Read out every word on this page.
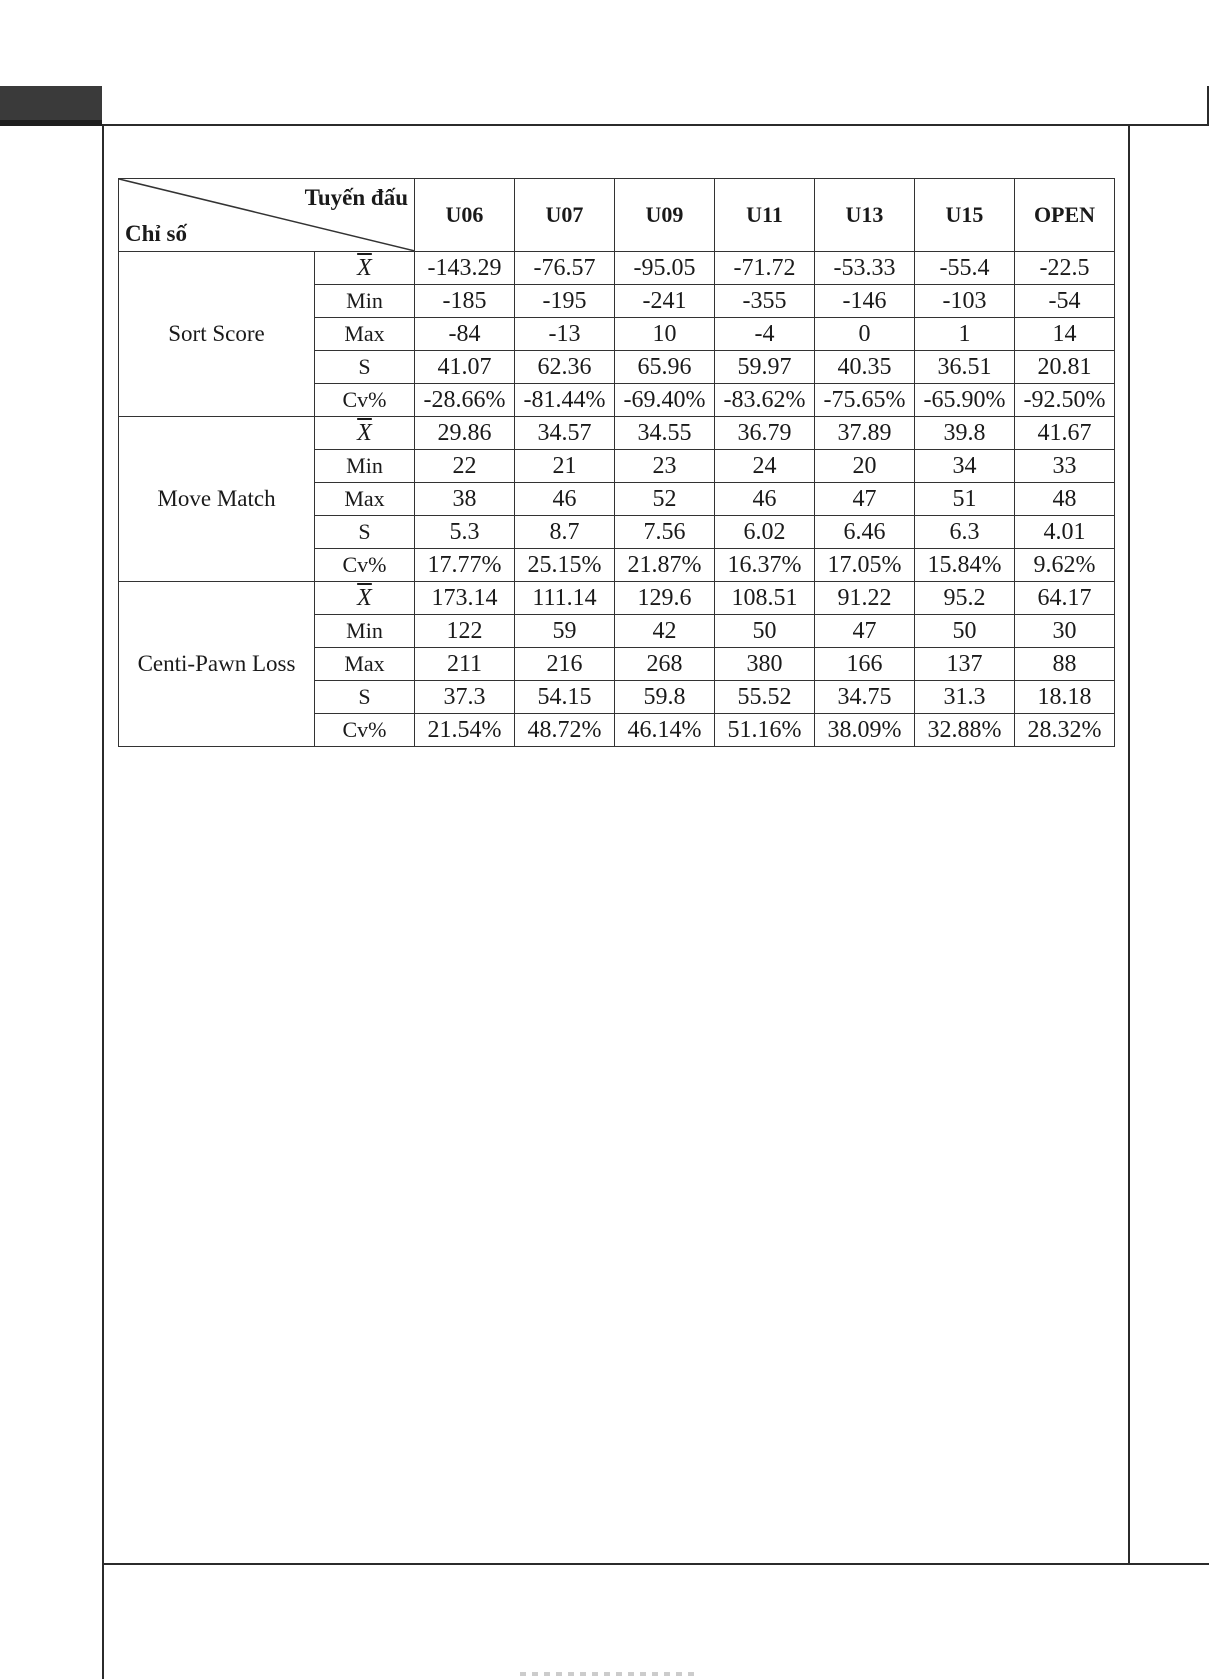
Tuyến đấu
Chỉ số		U06	U07	U09	U11	U13	U15	OPEN
Sort Score	$\overline{X}$	-143.29	-76.57	-95.05	-71.72	-53.33	-55.4	-22.5
	Min	-185	-195	-241	-355	-146	-103	-54
	Max	-84	-13	10	-4	0	1	14
	S	41.07	62.36	65.96	59.97	40.35	36.51	20.81
	Cv%	-28.66%	-81.44%	-69.40%	-83.62%	-75.65%	-65.90%	-92.50%
Move Match	$\overline{X}$	29.86	34.57	34.55	36.79	37.89	39.8	41.67
	Min	22	21	23	24	20	34	33
	Max	38	46	52	46	47	51	48
	S	5.3	8.7	7.56	6.02	6.46	6.3	4.01
	Cv%	17.77%	25.15%	21.87%	16.37%	17.05%	15.84%	9.62%
Centi-Pawn Loss	$\overline{X}$	173.14	111.14	129.6	108.51	91.22	95.2	64.17
	Min	122	59	42	50	47	50	30
	Max	211	216	268	380	166	137	88
	S	37.3	54.15	59.8	55.52	34.75	31.3	18.18
	Cv%	21.54%	48.72%	46.14%	51.16%	38.09%	32.88%	28.32%
